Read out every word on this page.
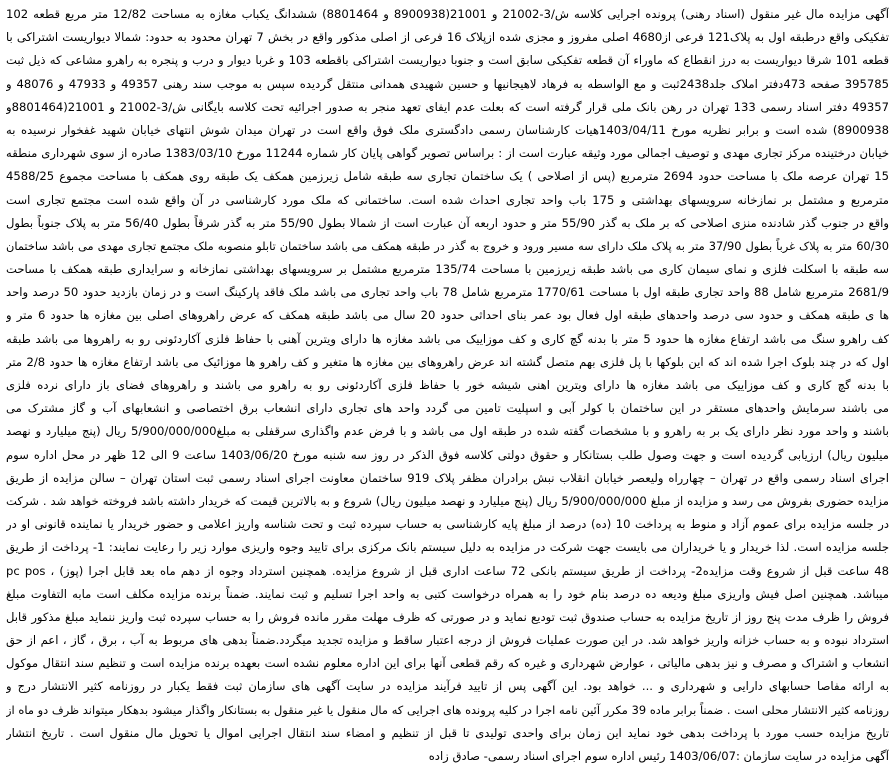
آگهی مزایده مال غیر منقول (اسناد رهنی) پرونده اجرایی کلاسه ش/3-21002 و 21001(8900938 و 8801464) ششدانگ یکباب مغازه به مساحت 12/82 متر مربع قطعه 102
تفکیکی واقع درطبقه اول به پلاک121 فرعی از4680 اصلی مفروز و مجزی شده ازپلاک 16 فرعی از اصلی مذکور واقع در بخش 7 تهران محدود به حدود: شمالا دیواریست اشتراکی با
قطعه 101 شرقا دیواریست به درز انقطاع که ماوراء آن قطعه تفکیکی سابق است و جنوبا دیواریست اشتراکی باقطعه 103 و غربا دیوار و درب و پنجره به راهرو مشاعی که ذیل ثبت
395785 صفحه 473دفتر املاک جلد2438ثبت و مع الواسطه به فرهاد لاهیجانیها و حسین شهیدی همدانی منتقل گردیده سپس به موجب سند رهنی 49357 و 47933 و 48076 و
49357 دفتر اسناد رسمی 133 تهران در رهن بانک ملی قرار گرفته است که بعلت عدم ایفای تعهد منجر به صدور اجرائیه تحت کلاسه بایگانی ش/3-21002 و 21001(8801464و
8900938) شده است و برابر نظریه مورخ 1403/04/11هیات کارشناسان رسمی دادگستری ملک فوق واقع است در تهران میدان شوش انتهای خیابان شهید غفخوار نرسیده به
خیابان درختینده مرکز تجاری مهدی و توصیف اجمالی مورد وثیقه عبارت است از : براساس تصویر گواهی پایان کار شماره 11244 مورخ 1383/03/10 صادره از سوی شهرداری منطقه
15 تهران عرصه ملک با مساحت حدود 2694 مترمربع (پس از اصلاحی ) یک ساختمان تجاری سه طبقه شامل زیرزمین همکف یک طبقه روی همکف با مساحت مجموع 4588/25
مترمربع و مشتمل بر نمازخانه سرویسهای بهداشتی و 175 باب واحد تجاری احداث شده است. ساختمانی که ملک مورد کارشناسی در آن واقع شده است مجتمع تجاری است
واقع در جنوب گذر شادنده منزی اصلاحی که بر ملک به گذر 55/90 متر و حدود اربعه آن عبارت است از شمالا بطول 55/90 متر به گذر شرقاً بطول 56/40 متر به پلاک جنوباً بطول
60/30 متر به پلاک غرباً بطول 37/90 متر به پلاک ملک دارای سه مسیر ورود و خروج به گذر در طبقه همکف می باشد ساختمان تابلو منصوبه ملک مجتمع تجاری مهدی می باشد ساختمان
سه طبقه با اسکلت فلزی و نمای سیمان کاری می باشد طبقه زیرزمین با مساحت 135/74 مترمربع مشتمل بر سرویسهای بهداشتی نمازخانه و سرایداری طبقه همکف با مساحت
2681/9 مترمربع شامل 88 واحد تجاری طبقه اول با مساحت 1770/61 مترمربع شامل 78 باب واحد تجاری می باشد ملک فاقد پارکینگ است و در زمان بازدید حدود 50 درصد واحد
ها ی طبقه همکف و حدود سی درصد واحدهای طبقه اول فعال بود عمر بنای احداثی حدود 20 سال می باشد طبقه همکف که عرض راهروهای اصلی بین مغازه ها حدود 6 متر و
کف راهرو سنگ می باشد ارتفاع مغازه ها حدود 5 متر با بدنه گچ کاری و کف موزاییک می باشد مغازه ها دارای ویترین آهنی با حفاظ فلزی آکاردئونی رو به راهروها می باشد طبقه
اول که در چند بلوک اجرا شده اند که این بلوکها با پل فلزی بهم متصل گشته اند عرض راهروهای بین مغازه ها متغیر و کف راهرو ها موزائیک می باشد ارتفاع مغازه ها حدود 2/8 متر
با بدنه گچ کاری و کف موزاییک می باشد مغازه ها دارای ویترین اهنی شیشه خور با حفاظ فلزی آکاردئونی رو به راهرو می باشند و راهروهای فضای باز دارای نرده فلزی
می باشند سرمایش واحدهای مستقر در این ساختمان با کولر آبی و اسپلیت تامین می گردد واحد های تجاری دارای انشعاب برق اختصاصی و انشعابهای آب و گاز مشترک می
باشند و واحد مورد نظر دارای یک بر به راهرو و با مشخصات گفته شده در طبقه اول می باشد و با فرض عدم واگذاری سرقفلی به مبلغ5/900/000/000 ریال (پنج میلیارد و نهصد
میلیون ریال) ارزیابی گردیده است و جهت وصول طلب بستانکار و حقوق دولتی کلاسه فوق الذکر در روز سه شنبه مورخ 1403/06/20 ساعت 9 الی 12 ظهر در محل اداره سوم
اجرای اسناد رسمی واقع در تهران – چهارراه ولیعصر خیابان انقلاب نبش برادران مظفر پلاک 919 ساختمان معاونت اجرای اسناد رسمی ثبت استان تهران – سالن مزایده از طریق
مزایده حضوری بفروش می رسد و مزایده از مبلغ 5/900/000/000 ریال (پنج میلیارد و نهصد میلیون ریال) شروع و به بالاترین قیمت که خریدار داشته باشد فروخته خواهد شد . شرکت
در جلسه مزایده برای عموم آزاد و منوط به پرداخت 10 (ده) درصد از مبلغ پایه کارشناسی به حساب سپرده ثبت و تحت شناسه واریز اعلامی و حضور خریدار یا نماینده قانونی او در
جلسه مزایده است. لذا خریدار و یا خریداران می بایست جهت شرکت در مزایده به دلیل سیستم بانک مرکزی برای تایید وجوه واریزی موارد زیر را رعایت نمایند: 1- پرداخت از طریق
pc pos ، (پوز) 48 ساعت قبل از شروع وقت مزایده2- پرداخت از طریق سیستم بانکی 72 ساعت اداری قبل از شروع مزایده. همچنین استرداد وجوه از دهم ماه بعد قابل اجرا
میباشد. همچنین اصل فیش واریزی مبلغ ودیعه ده درصد بنام خود را به همراه درخواست کتبی به واحد اجرا تسلیم و ثبت نمایند. ضمناً برنده مزایده مکلف است مابه التفاوت مبلغ
فروش را ظرف مدت پنج روز از تاریخ مزایده به حساب صندوق ثبت تودیع نماید و در صورتی که ظرف مهلت مقرر مانده فروش را به حساب سپرده ثبت واریز ننماید مبلغ مذکور قابل
استرداد نبوده و به حساب خزانه واریز خواهد شد. در این صورت عملیات فروش از درجه اعتبار ساقط و مزایده تجدید میگردد.ضمناً بدهی های مربوط به آب ، برق ، گاز ، اعم از حق
انشعاب و اشتراک و مصرف و نیز بدهی مالیاتی ، عوارض شهرداری و غیره که رقم قطعی آنها برای این اداره معلوم نشده است بعهده برنده مزایده است و تنظیم سند انتقال موکول
به ارائه مفاصا حسابهای دارایی و شهرداری و ... خواهد بود. این آگهی پس از تایید فرآیند مزایده در سایت آگهی های سازمان ثبت فقط یکبار در روزنامه کثیر الانتشار درج و
روزنامه کثیر الانتشار محلی است . ضمناً برابر ماده 39 مکرر آئین نامه اجرا در کلیه پرونده های اجرایی که مال منقول یا غیر منقول به بستانکار واگذار میشود بدهکار میتواند ظرف دو ماه از
تاریخ مزایده حسب مورد با پرداخت بدهی خود نماید این زمان برای واحدی تولیدی تا قبل از تنظیم و امضاء سند انتقال اجرایی اموال یا تحویل مال منقول است . تاریخ انتشار
آگهی مزایده در سایت سازمان :1403/06/07 رئیس اداره سوم اجرای اسناد رسمی- صادق زاده
